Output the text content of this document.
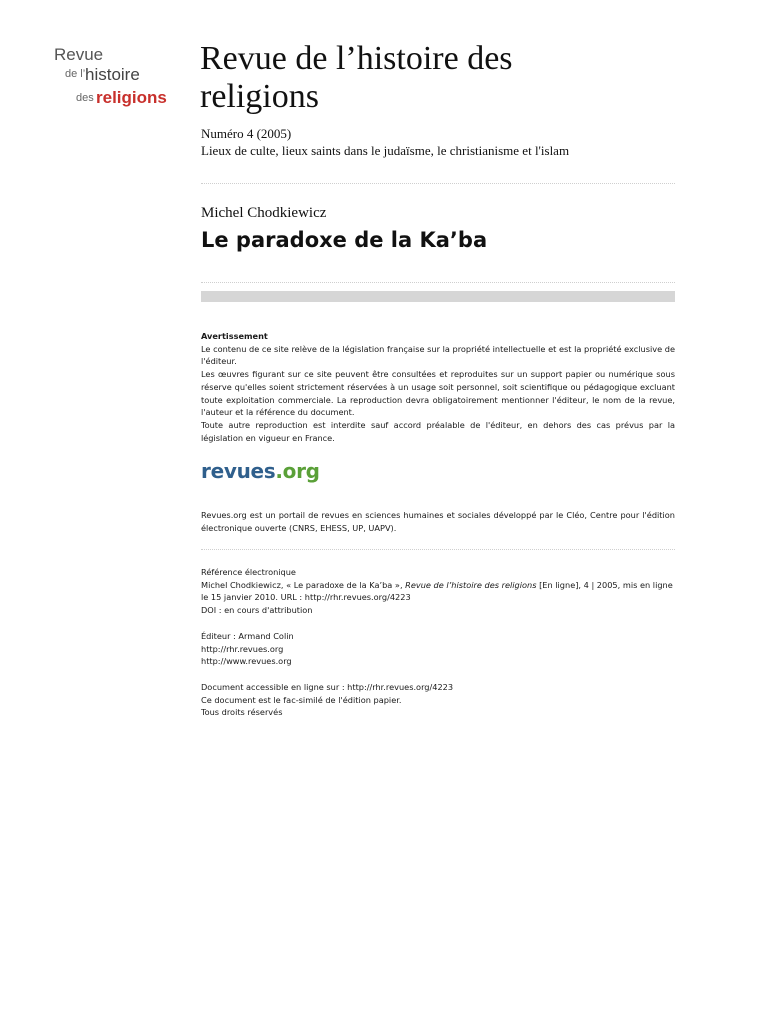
Revue
de l’ histoire
des religions
Revue de l’histoire des religions
Numéro 4 (2005)
Lieux de culte, lieux saints dans le judaïsme, le christianisme et l'islam
Michel Chodkiewicz
Le paradoxe de la Ka’ba

Avertissement

Le contenu de ce site relève de la législation française sur la propriété intellectuelle et est la propriété exclusive de l'éditeur.

Les œuvres figurant sur ce site peuvent être consultées et reproduites sur un support papier ou numérique sous réserve qu'elles soient strictement réservées à un usage soit personnel, soit scientifique ou pédagogique excluant toute exploitation commerciale. La reproduction devra obligatoirement mentionner l'éditeur, le nom de la revue, l'auteur et la référence du document.

Toute autre reproduction est interdite sauf accord préalable de l'éditeur, en dehors des cas prévus par la législation en vigueur en France.

revues.org
Revues.org est un portail de revues en sciences humaines et sociales développé par le Cléo, Centre pour l'édition électronique ouverte (CNRS, EHESS, UP, UAPV).
Référence électronique
Michel Chodkiewicz, « Le paradoxe de la Ka’ba », Revue de l’histoire des religions [En ligne], 4 | 2005, mis en ligne
le 15 janvier 2010. URL : http://rhr.revues.org/4223
DOI : en cours d'attribution
Éditeur : Armand Colin
http://rhr.revues.org
http://www.revues.org
Document accessible en ligne sur : http://rhr.revues.org/4223
Ce document est le fac-similé de l'édition papier.
Tous droits réservés
